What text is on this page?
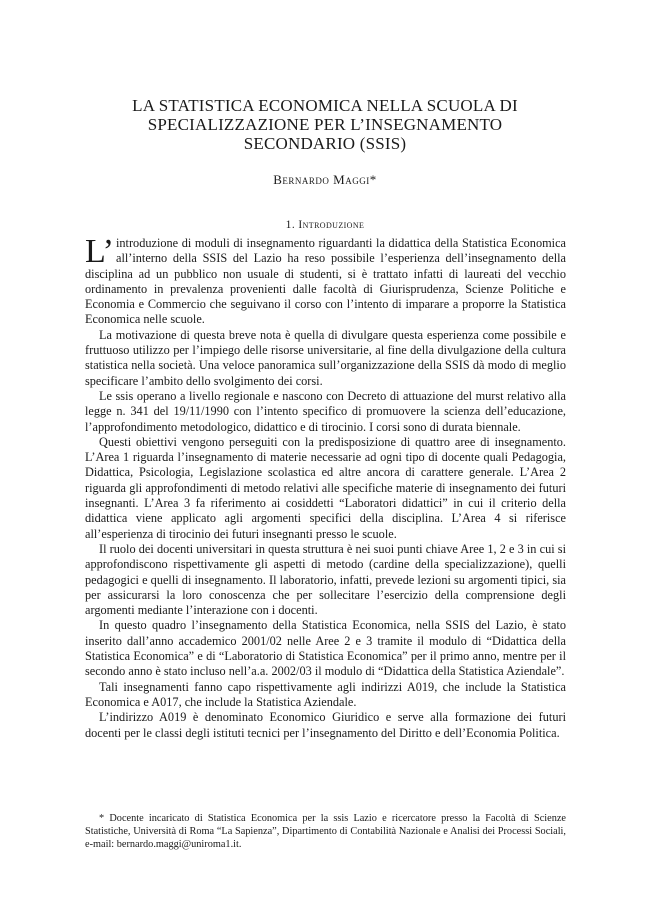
LA STATISTICA ECONOMICA NELLA SCUOLA DI
SPECIALIZZAZIONE PER L’INSEGNAMENTO
SECONDARIO (SSIS)
Bernardo Maggi*
1. Introduzione

L’ introduzione di moduli di insegnamento riguardanti la didattica della Statistica Economica all’interno della SSIS del Lazio ha reso possibile l’esperienza dell’insegnamento della disciplina ad un pubblico non usuale di studenti, si è trattato infatti di laureati del vecchio ordinamento in prevalenza provenienti dalle facoltà di Giurisprudenza, Scienze Politiche e Economia e Commercio che seguivano il corso con l’intento di imparare a proporre la Statistica Economica nelle scuole.

La motivazione di questa breve nota è quella di divulgare questa esperienza come possibile e fruttuoso utilizzo per l’impiego delle risorse universitarie, al fine della divulgazione della cultura statistica nella società. Una veloce panoramica sull’organizzazione della SSIS dà modo di meglio specificare l’ambito dello svolgimento dei corsi.

Le ssis operano a livello regionale e nascono con Decreto di attuazione del murst relativo alla legge n. 341 del 19/11/1990 con l’intento specifico di promuovere la scienza dell’educazione, l’approfondimento metodologico, didattico e di tirocinio. I corsi sono di durata biennale.

Questi obiettivi vengono perseguiti con la predisposizione di quattro aree di insegnamento. L’Area 1 riguarda l’insegnamento di materie necessarie ad ogni tipo di docente quali Pedagogia, Didattica, Psicologia, Legislazione scolastica ed altre ancora di carattere generale. L’Area 2 riguarda gli approfondimenti di metodo relativi alle specifiche materie di insegnamento dei futuri insegnanti. L’Area 3 fa riferimento ai cosiddetti “Laboratori didattici” in cui il criterio della didattica viene applicato agli argomenti specifici della disciplina. L’Area 4 si riferisce all’esperienza di tirocinio dei futuri insegnanti presso le scuole.

Il ruolo dei docenti universitari in questa struttura è nei suoi punti chiave Aree 1, 2 e 3 in cui si approfondiscono rispettivamente gli aspetti di metodo (cardine della specializzazione), quelli pedagogici e quelli di insegnamento. Il laboratorio, infatti, prevede lezioni su argomenti tipici, sia per assicurarsi la loro conoscenza che per sollecitare l’esercizio della comprensione degli argomenti mediante l’interazione con i docenti.

In questo quadro l’insegnamento della Statistica Economica, nella SSIS del Lazio, è stato inserito dall’anno accademico 2001/02 nelle Aree 2 e 3 tramite il modulo di “Didattica della Statistica Economica” e di “Laboratorio di Statistica Economica” per il primo anno, mentre per il secondo anno è stato incluso nell’a.a. 2002/03 il modulo di “Didattica della Statistica Aziendale”.

Tali insegnamenti fanno capo rispettivamente agli indirizzi A019, che include la Statistica Economica e A017, che include la Statistica Aziendale.

L’indirizzo A019 è denominato Economico Giuridico e serve alla formazione dei futuri docenti per le classi degli istituti tecnici per l’insegnamento del Diritto e dell’Economia Politica.

* Docente incaricato di Statistica Economica per la ssis Lazio e ricercatore presso la Facoltà di Scienze Statistiche, Università di Roma “La Sapienza”, Dipartimento di Contabilità Nazionale e Analisi dei Processi Sociali, e-mail: bernardo.maggi@uniroma1.it.
